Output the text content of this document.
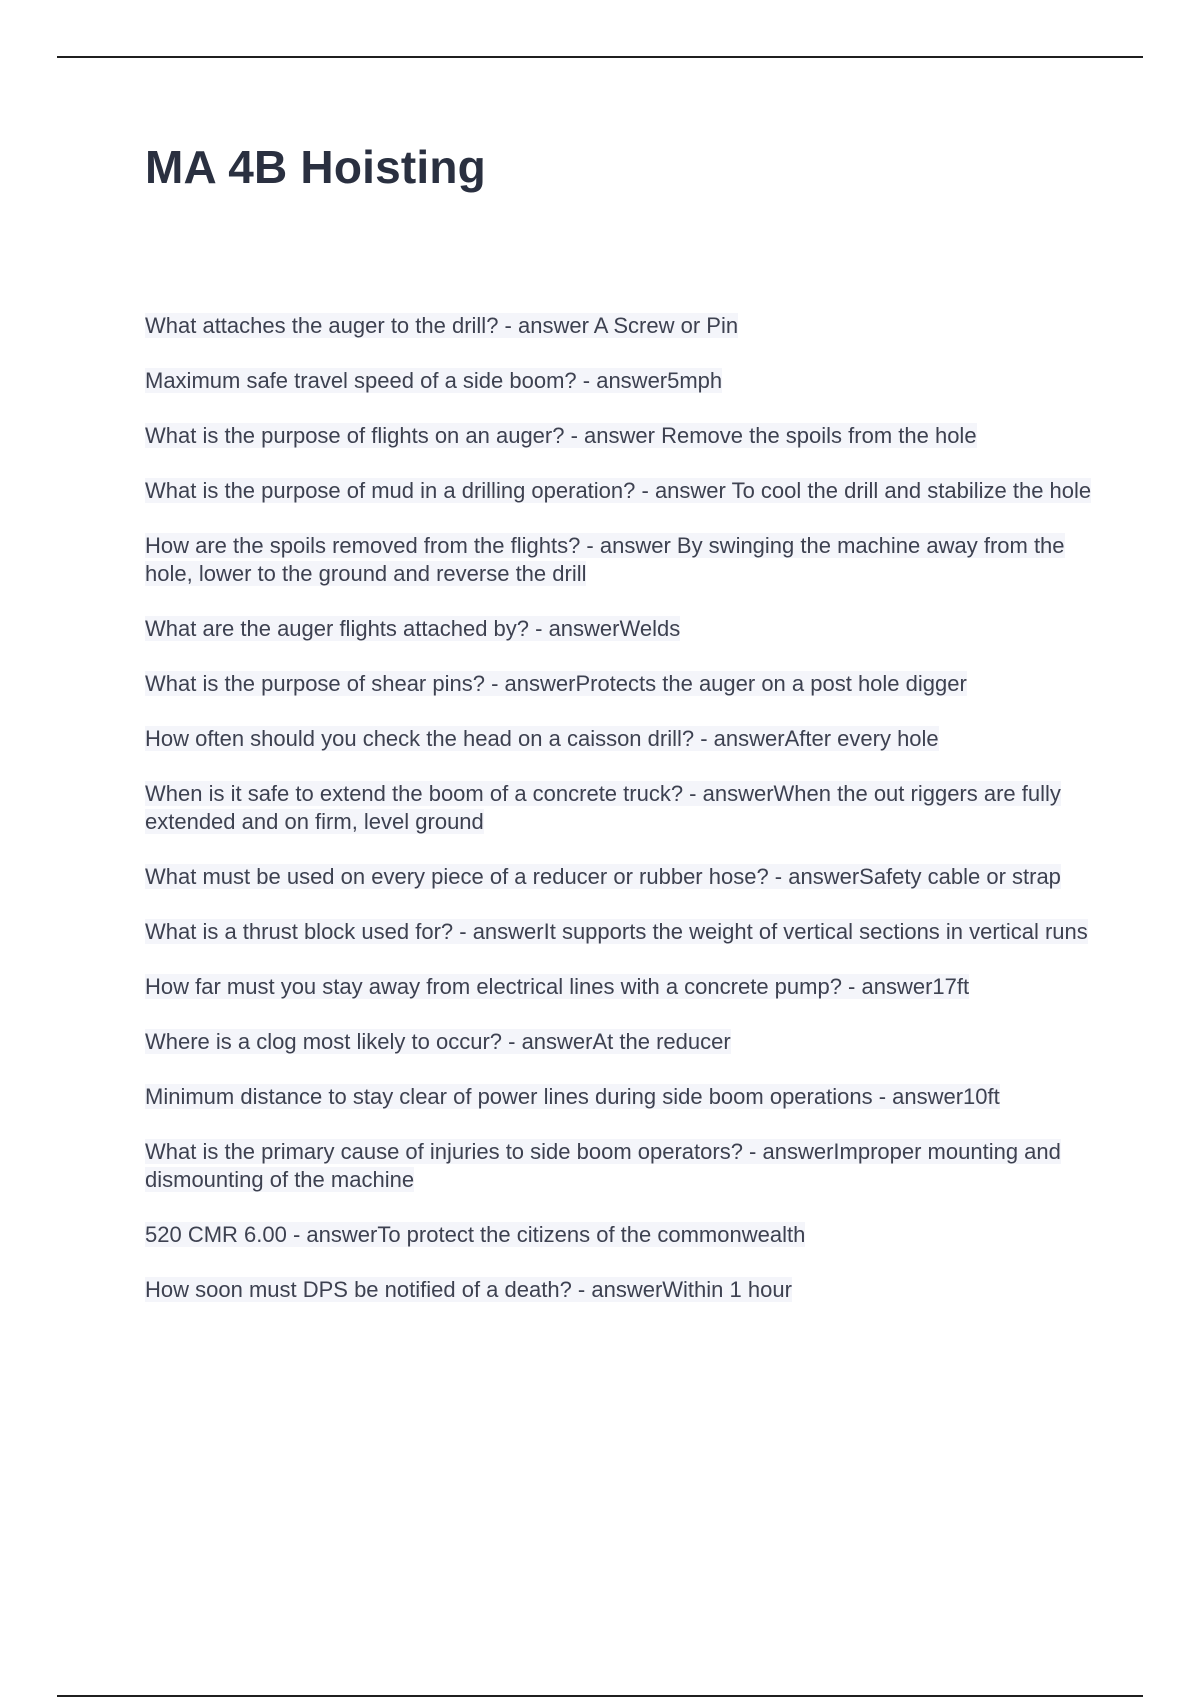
MA 4B Hoisting
What attaches the auger to the drill? - answer A Screw or Pin
Maximum safe travel speed of a side boom? - answer5mph
What is the purpose of flights on an auger? - answer Remove the spoils from the hole
What is the purpose of mud in a drilling operation? - answer To cool the drill and stabilize the hole
How are the spoils removed from the flights? - answer By swinging the machine away from the hole, lower to the ground and reverse the drill
What are the auger flights attached by? - answerWelds
What is the purpose of shear pins? - answerProtects the auger on a post hole digger
How often should you check the head on a caisson drill? - answerAfter every hole
When is it safe to extend the boom of a concrete truck? - answerWhen the out riggers are fully extended and on firm, level ground
What must be used on every piece of a reducer or rubber hose? - answerSafety cable or strap
What is a thrust block used for? - answerIt supports the weight of vertical sections in vertical runs
How far must you stay away from electrical lines with a concrete pump? - answer17ft
Where is a clog most likely to occur? - answerAt the reducer
Minimum distance to stay clear of power lines during side boom operations - answer10ft
What is the primary cause of injuries to side boom operators? - answerImproper mounting and dismounting of the machine
520 CMR 6.00 - answerTo protect the citizens of the commonwealth
How soon must DPS be notified of a death? - answerWithin 1 hour
